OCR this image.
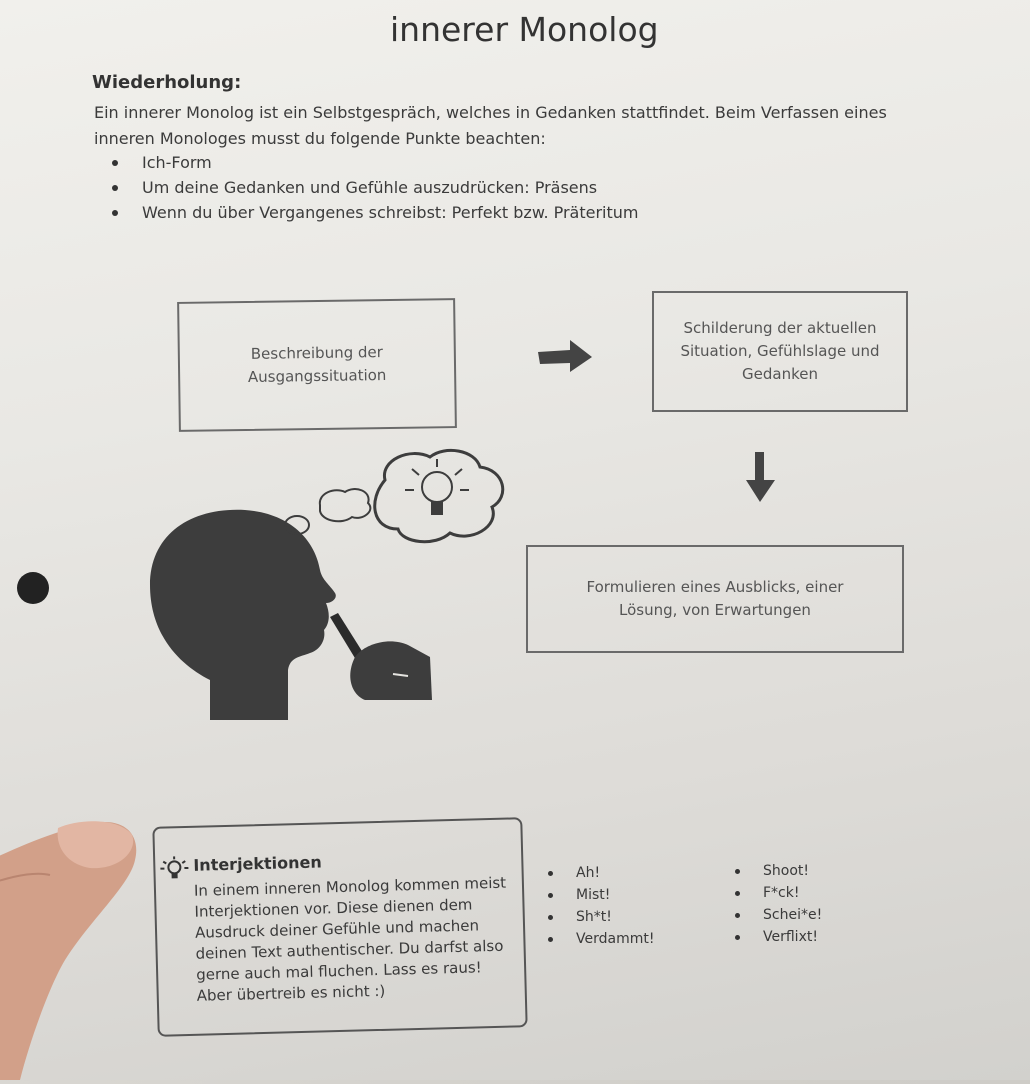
innerer Monolog
Wiederholung:
Ein innerer Monolog ist ein Selbstgespräch, welches in Gedanken stattfindet. Beim Verfassen eines inneren Monologes musst du folgende Punkte beachten:
Ich-Form
Um deine Gedanken und Gefühle auszudrücken: Präsens
Wenn du über Vergangenes schreibst: Perfekt bzw. Präteritum
Beschreibung der Ausgangssituation
Schilderung der aktuellen Situation, Gefühlslage und Gedanken
Formulieren eines Ausblicks, einer Lösung, von Erwartungen
Interjektionen

In einem inneren Monolog kommen meist Interjektionen vor. Diese dienen dem Ausdruck deiner Gefühle und machen deinen Text authentischer. Du darfst also gerne auch mal fluchen. Lass es raus! Aber übertreib es nicht :)

Ah!
Mist!
Sh*t!
Verdammt!
Shoot!
F*ck!
Schei*e!
Verflixt!
